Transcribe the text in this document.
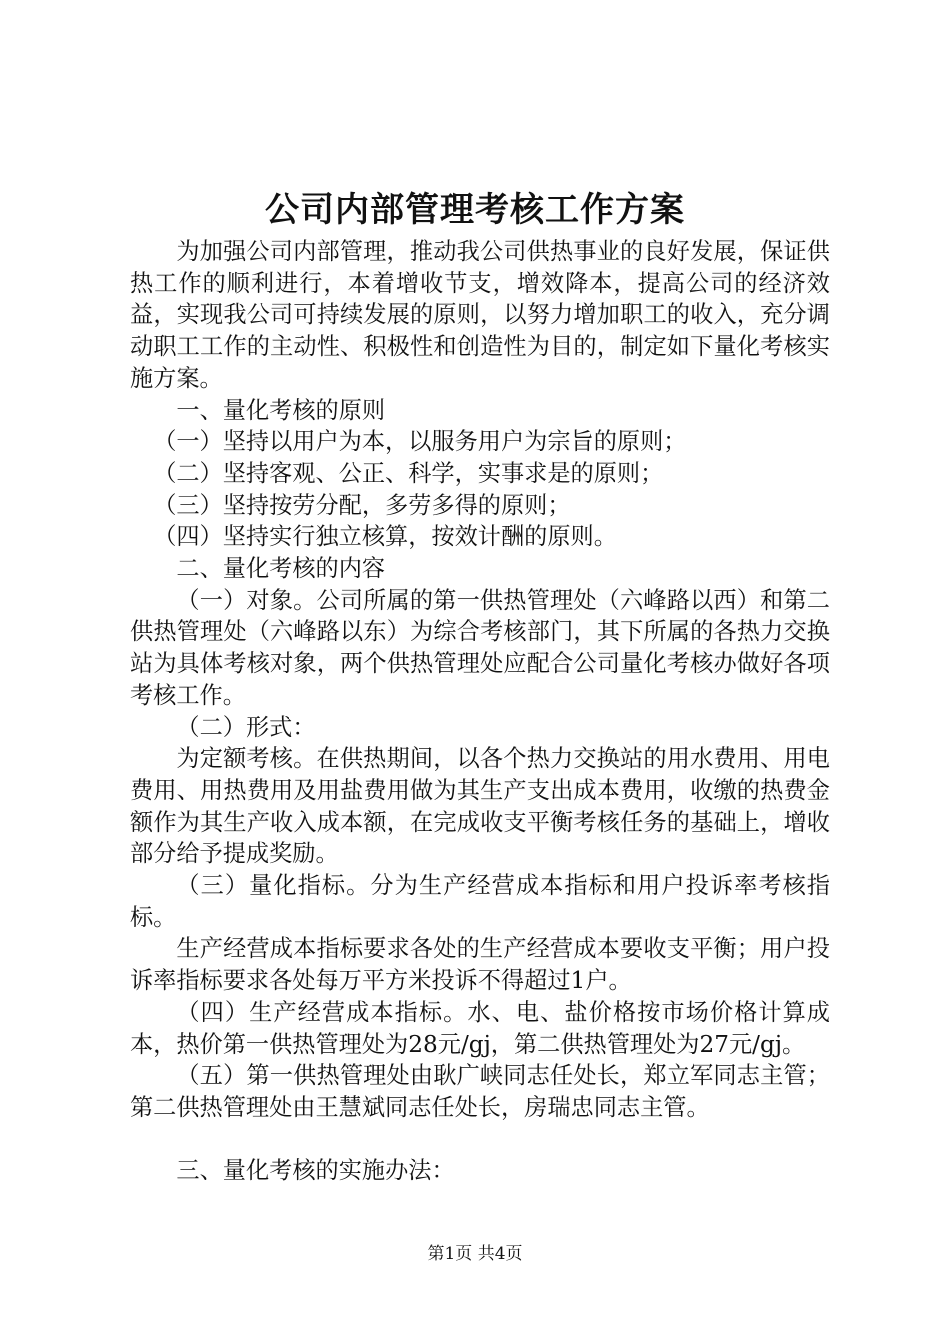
公司内部管理考核工作方案

为加强公司内部管理，推动我公司供热事业的良好发展，保证供热工作的顺利进行，本着增收节支，增效降本，提高公司的经济效益，实现我公司可持续发展的原则，以努力增加职工的收入，充分调动职工工作的主动性、积极性和创造性为目的，制定如下量化考核实施方案。

一、量化考核的原则

（一）坚持以用户为本，以服务用户为宗旨的原则；

（二）坚持客观、公正、科学，实事求是的原则；

（三）坚持按劳分配，多劳多得的原则；

（四）坚持实行独立核算，按效计酬的原则。

二、量化考核的内容

（一）对象。公司所属的第一供热管理处（六峰路以西）和第二供热管理处（六峰路以东）为综合考核部门，其下所属的各热力交换站为具体考核对象，两个供热管理处应配合公司量化考核办做好各项考核工作。

（二）形式：

为定额考核。在供热期间，以各个热力交换站的用水费用、用电费用、用热费用及用盐费用做为其生产支出成本费用，收缴的热费金额作为其生产收入成本额，在完成收支平衡考核任务的基础上，增收部分给予提成奖励。

（三）量化指标。分为生产经营成本指标和用户投诉率考核指标。

生产经营成本指标要求各处的生产经营成本要收支平衡；用户投诉率指标要求各处每万平方米投诉不得超过1户。

（四）生产经营成本指标。水、电、盐价格按市场价格计算成本，热价第一供热管理处为28元/gj，第二供热管理处为27元/gj。

（五）第一供热管理处由耿广峡同志任处长，郑立军同志主管；第二供热管理处由王慧斌同志任处长，房瑞忠同志主管。

三、量化考核的实施办法：

第1页 共4页
